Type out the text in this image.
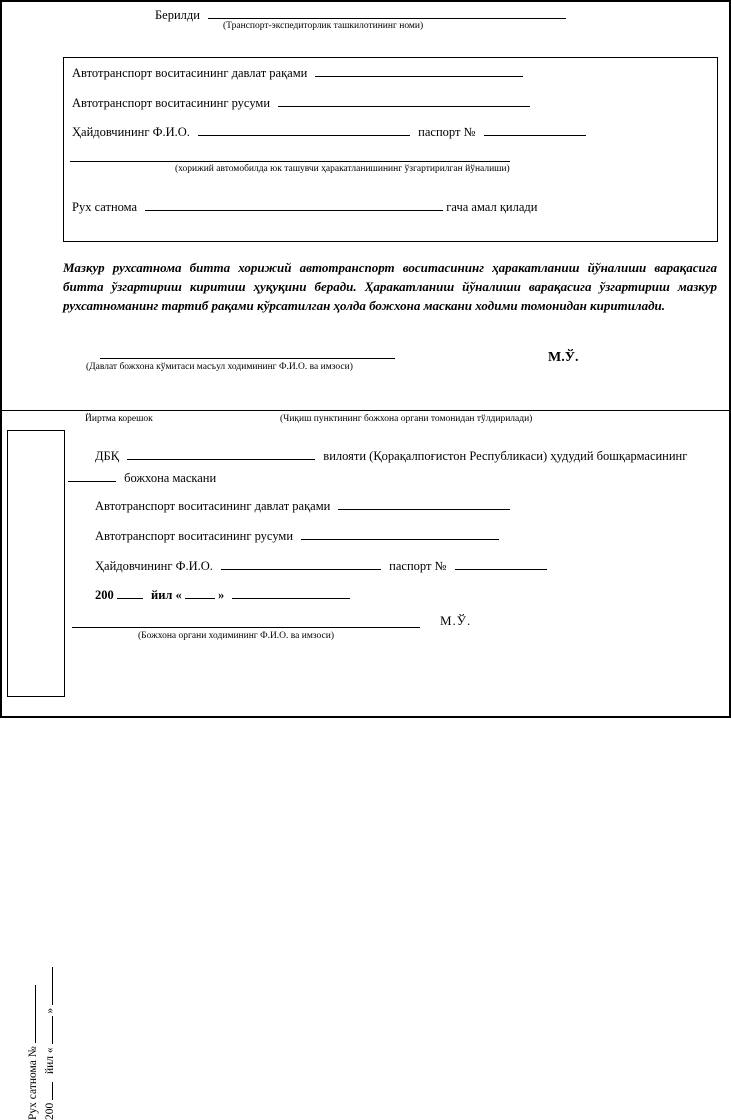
Берилди
(Транспорт-экспедиторлик ташкилотининг номи)
Автотранспорт воситасининг давлат рақами
Автотранспорт воситасининг русуми
Ҳайдовчининг Ф.И.О.	паспорт №
(хорижий автомобилда юк ташувчи ҳаракатланишининг ўзгартирилган йўналиши)
Рух сатнома	гача амал қилади
Мазкур рухсатнома битта хорижий автотранспорт воситасининг ҳаракатланиш йўналиши варақасига битта ўзгартириш киритиш ҳуқуқини беради. Ҳаракатланиш йўналиши варақасига ўзгартириш мазкур рухсатноманинг тартиб рақами кўрсатилган ҳолда божхона маскани ходими томонидан киритилади.
(Давлат божхона кўмитаси масъул ходимининг Ф.И.О. ва имзоси)
М.Ў.
Йиртма корешок	(Чиқиш пунктининг божхона органи томонидан тўлдирилади)
Рух сатнома № 200  йил «  »
ДБҚ	вилояти (Қорақалпоғистон Республикаси) ҳудудий бошқармасининг
божхона маскани
Автотранспорт воситасининг давлат рақами
Автотранспорт воситасининг русуми
Ҳайдовчининг Ф.И.О.	паспорт №
200	йил «	»
(Божхона органи ходимининг Ф.И.О. ва имзоси)
М.Ў.
